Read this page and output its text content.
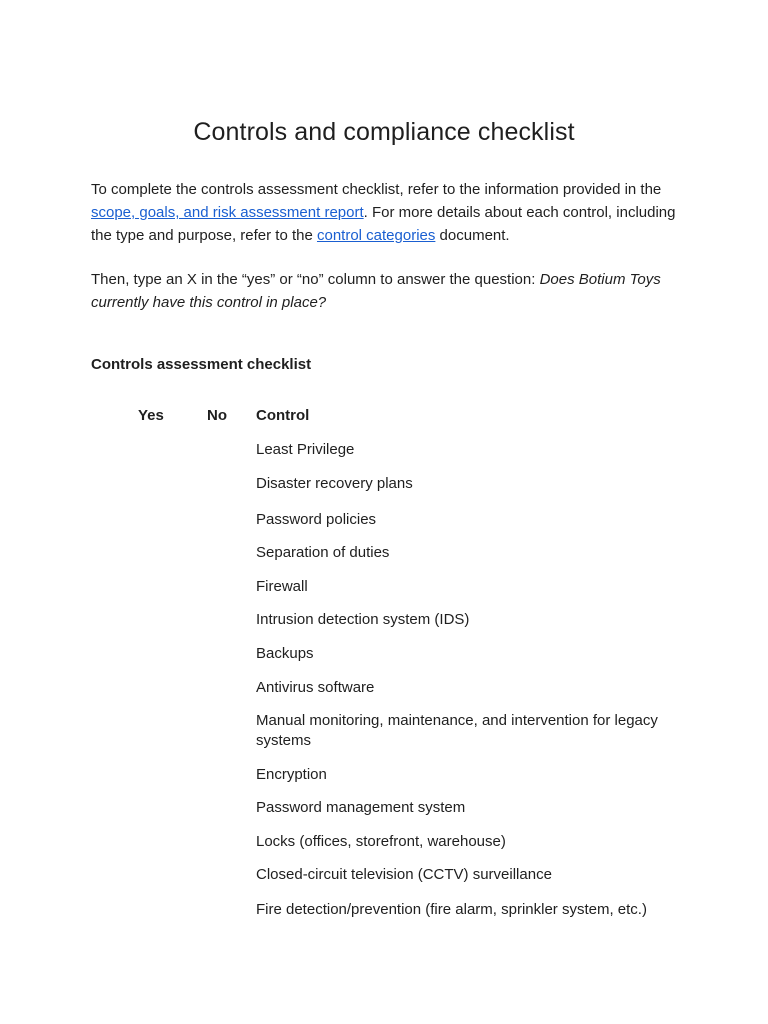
Controls and compliance checklist

To complete the controls assessment checklist, refer to the information provided in the scope, goals, and risk assessment report. For more details about each control, including the type and purpose, refer to the control categories document.

Then, type an X in the “yes” or “no” column to answer the question: Does Botium Toys currently have this control in place?

Controls assessment checklist
Yes	No Control
Least Privilege
Disaster recovery plans
Password policies
Separation of duties
Firewall
Intrusion detection system (IDS)
Backups
Antivirus software
Manual monitoring, maintenance, and intervention for legacy systems
Encryption
Password management system
Locks (offices, storefront, warehouse)
Closed-circuit television (CCTV) surveillance
Fire detection/prevention (fire alarm, sprinkler system, etc.)
